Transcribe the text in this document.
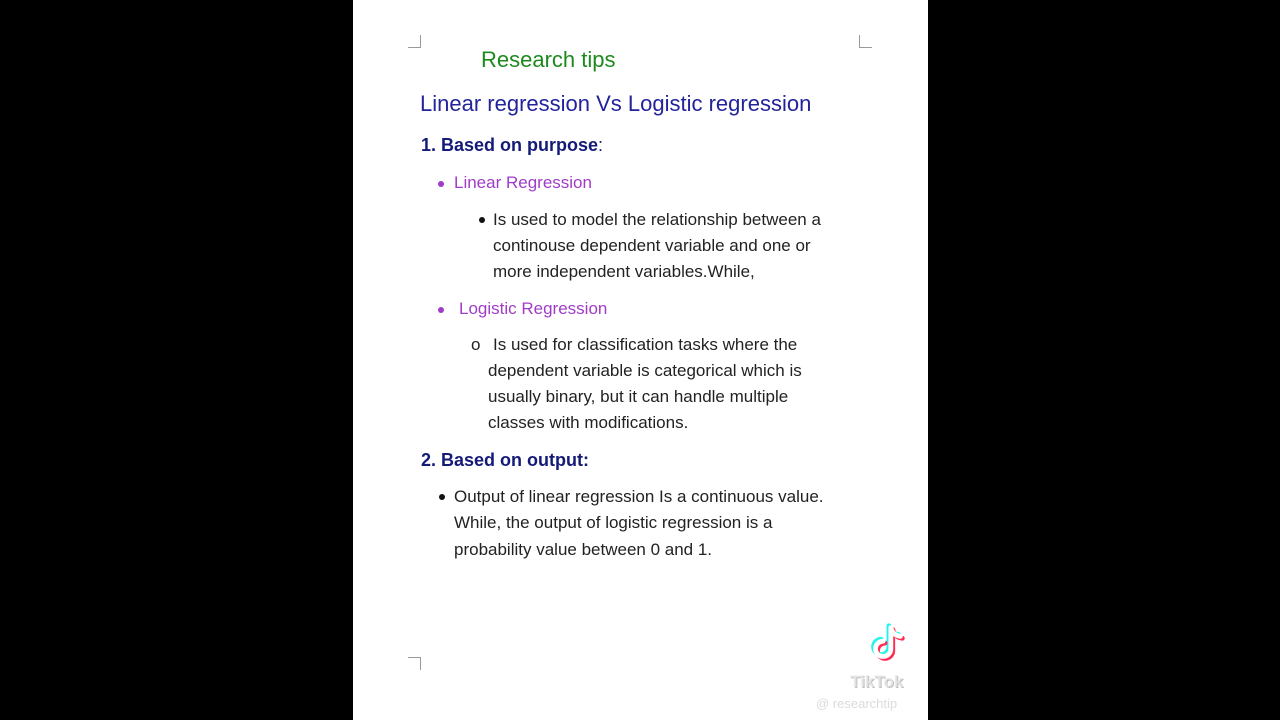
Research tips
Linear regression Vs Logistic regression
1. Based on purpose:
Linear Regression
Is used to model the relationship between a
continouse dependent variable and one or
more independent variables.While,
Logistic Regression
o Is used for classification tasks where the
dependent variable is categorical which is
usually binary, but it can handle multiple
classes with modifications.
2. Based on output:
Output of linear regression Is a continuous value.
While, the output of logistic regression is a
probability value between 0 and 1.
TikTok
@ researchtip
